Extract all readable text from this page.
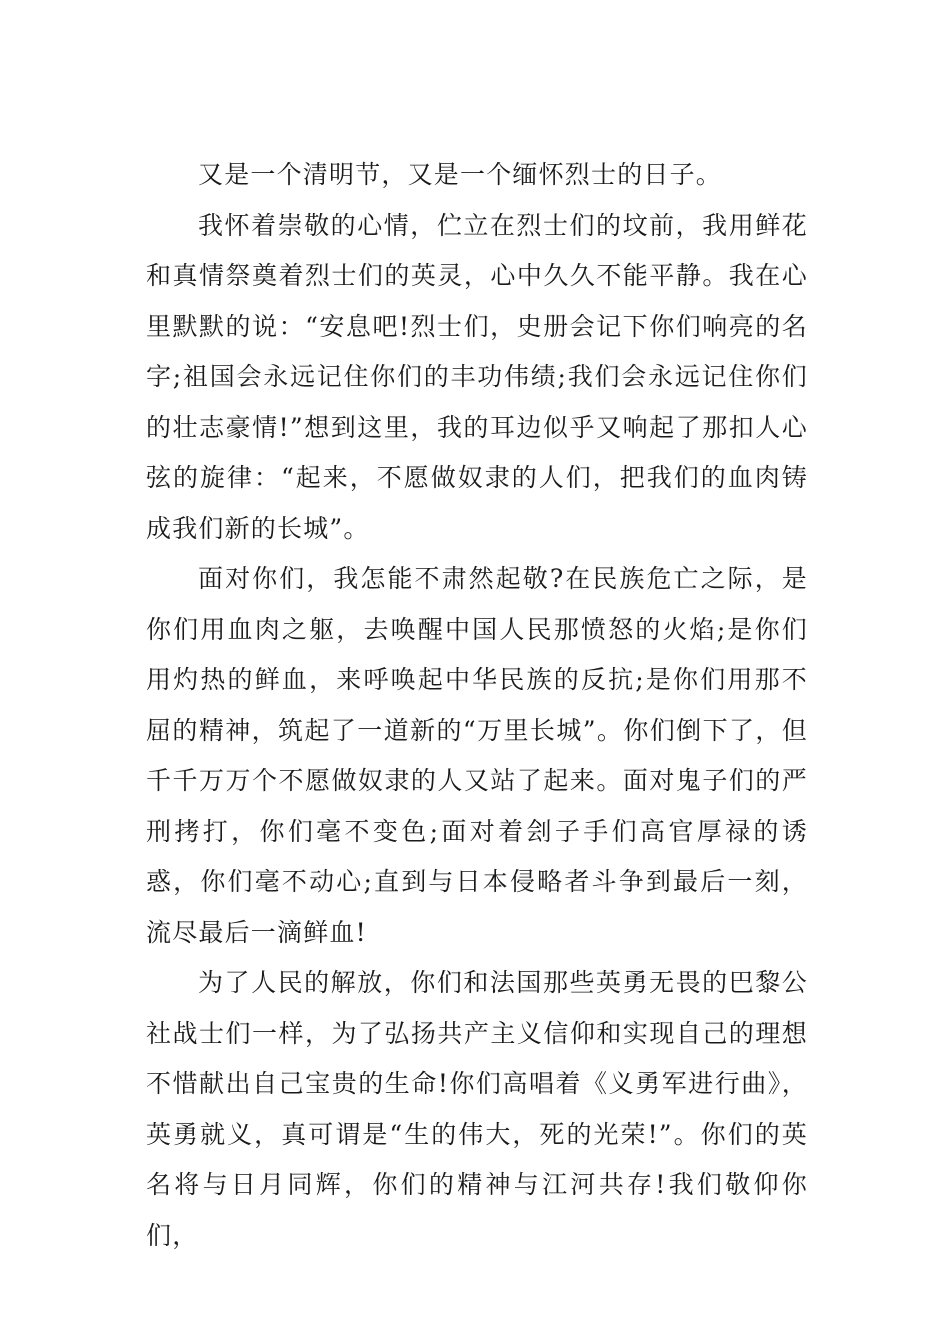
又是一个清明节，又是一个缅怀烈士的日子。

我怀着崇敬的心情，伫立在烈士们的坟前，我用鲜花和真情祭奠着烈士们的英灵，心中久久不能平静。我在心里默默的说：“安息吧!烈士们，史册会记下你们响亮的名字;祖国会永远记住你们的丰功伟绩;我们会永远记住你们的壮志豪情!”想到这里，我的耳边似乎又响起了那扣人心弦的旋律：“起来，不愿做奴隶的人们，把我们的血肉铸成我们新的长城”。

面对你们，我怎能不肃然起敬?在民族危亡之际，是你们用血肉之躯，去唤醒中国人民那愤怒的火焰;是你们用灼热的鲜血，来呼唤起中华民族的反抗;是你们用那不屈的精神，筑起了一道新的“万里长城”。你们倒下了，但千千万万个不愿做奴隶的人又站了起来。面对鬼子们的严刑拷打，你们毫不变色;面对着刽子手们高官厚禄的诱惑，你们毫不动心;直到与日本侵略者斗争到最后一刻，流尽最后一滴鲜血!

为了人民的解放，你们和法国那些英勇无畏的巴黎公社战士们一样，为了弘扬共产主义信仰和实现自己的理想不惜献出自己宝贵的生命!你们高唱着《义勇军进行曲》，英勇就义，真可谓是“生的伟大，死的光荣!”。你们的英名将与日月同辉，你们的精神与江河共存!我们敬仰你们，
